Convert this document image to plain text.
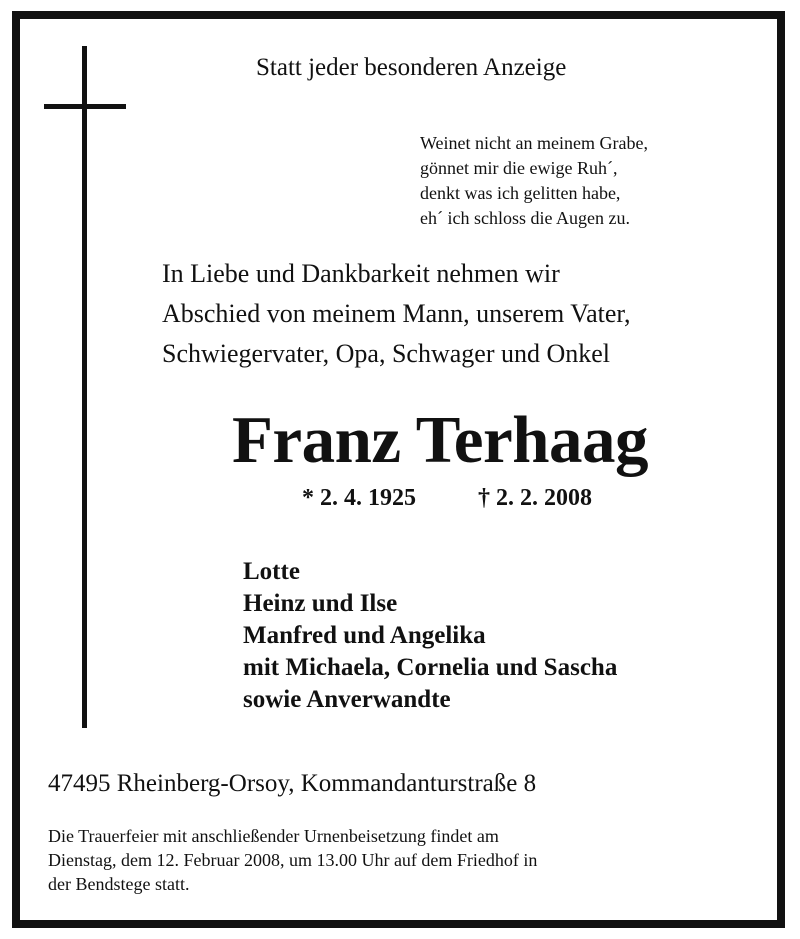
Statt jeder besonderen Anzeige
Weinet nicht an meinem Grabe,
gönnet mir die ewige Ruh´,
denkt was ich gelitten habe,
eh´ ich schloss die Augen zu.
In Liebe und Dankbarkeit nehmen wir
Abschied von meinem Mann, unserem Vater,
Schwiegervater, Opa, Schwager und Onkel
Franz Terhaag
* 2. 4. 1925	† 2. 2. 2008
Lotte
Heinz und Ilse
Manfred und Angelika
mit Michaela, Cornelia und Sascha
sowie Anverwandte
47495 Rheinberg-Orsoy, Kommandanturstraße 8
Die Trauerfeier mit anschließender Urnenbeisetzung findet am
Dienstag, dem 12. Februar 2008, um 13.00 Uhr auf dem Friedhof in
der Bendstege statt.
